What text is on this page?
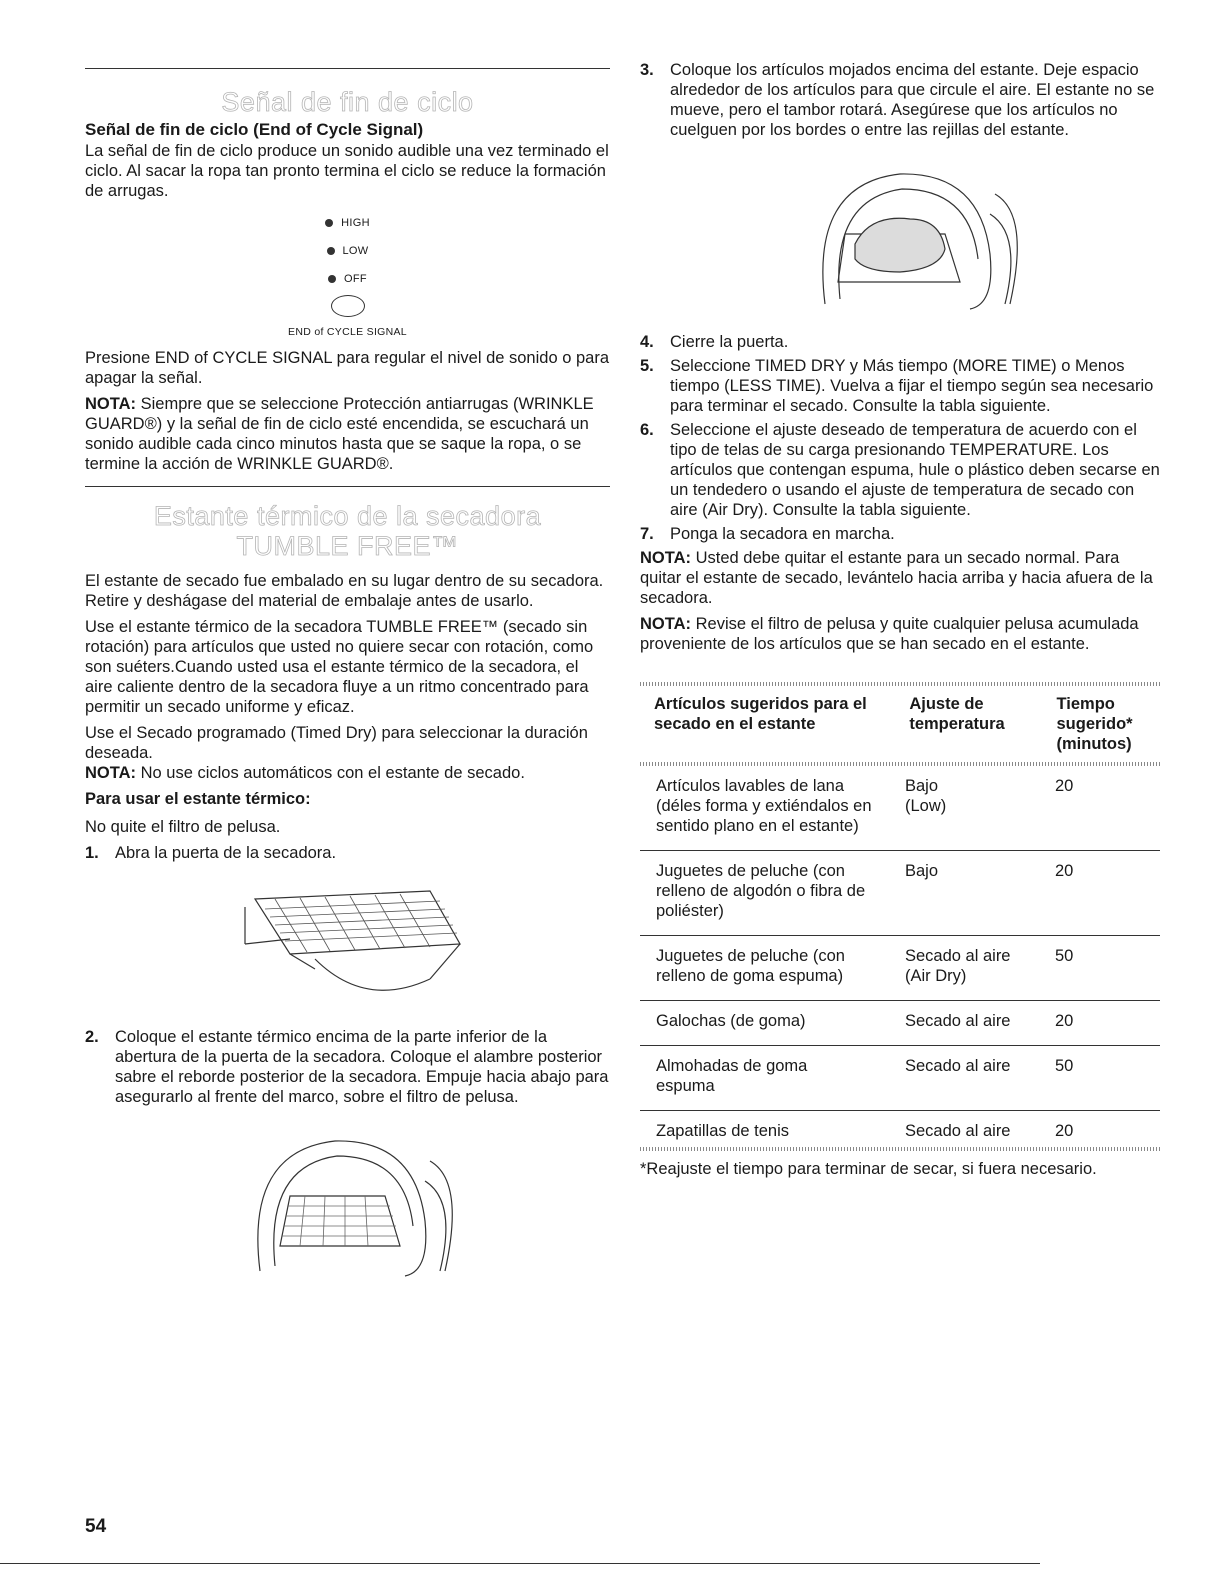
Señal de fin de ciclo
Señal de fin de ciclo (End of Cycle Signal)

La señal de fin de ciclo produce un sonido audible una vez terminado el ciclo. Al sacar la ropa tan pronto termina el ciclo se reduce la formación de arrugas.

HIGH
LOW
OFF
END of CYCLE SIGNAL

Presione END of CYCLE SIGNAL para regular el nivel de sonido o para apagar la señal.

NOTA: Siempre que se seleccione Protección antiarrugas (WRINKLE GUARD®) y la señal de fin de ciclo esté encendida, se escuchará un sonido audible cada cinco minutos hasta que se saque la ropa, o se termine la acción de WRINKLE GUARD®.

Estante térmico de la secadora
TUMBLE FREE™

El estante de secado fue embalado en su lugar dentro de su secadora. Retire y deshágase del material de embalaje antes de usarlo.

Use el estante térmico de la secadora TUMBLE FREE™ (secado sin rotación) para artículos que usted no quiere secar con rotación, como son suéters.Cuando usted usa el estante térmico de la secadora, el aire caliente dentro de la secadora fluye a un ritmo concentrado para permitir un secado uniforme y eficaz.

Use el Secado programado (Timed Dry) para seleccionar la duración deseada.

NOTA: No use ciclos automáticos con el estante de secado.

Para usar el estante térmico:

No quite el filtro de pelusa.

1. Abra la puerta de la secadora.
2. Coloque el estante térmico encima de la parte inferior de la abertura de la puerta de la secadora. Coloque el alambre posterior sabre el reborde posterior de la secadora. Empuje hacia abajo para asegurarlo al frente del marco, sobre el filtro de pelusa.
3. Coloque los artículos mojados encima del estante. Deje espacio alrededor de los artículos para que circule el aire. El estante no se mueve, pero el tambor rotará. Asegúrese que los artículos no cuelguen por los bordes o entre las rejillas del estante.
4. Cierre la puerta.
5. Seleccione TIMED DRY y Más tiempo (MORE TIME) o Menos tiempo (LESS TIME). Vuelva a fijar el tiempo según sea necesario para terminar el secado. Consulte la tabla siguiente.
6. Seleccione el ajuste deseado de temperatura de acuerdo con el tipo de telas de su carga presionando TEMPERATURE. Los artículos que contengan espuma, hule o plástico deben secarse en un tendedero o usando el ajuste de temperatura de secado con aire (Air Dry). Consulte la tabla siguiente.
7. Ponga la secadora en marcha.

NOTA: Usted debe quitar el estante para un secado normal. Para quitar el estante de secado, levántelo hacia arriba y hacia afuera de la secadora.

NOTA: Revise el filtro de pelusa y quite cualquier pelusa acumulada proveniente de los artículos que se han secado en el estante.

Artículos sugeridos para el secado en el estante	Ajuste de temperatura	Tiempo sugerido* (minutos)
Artículos lavables de lana (déles forma y extiéndalos en sentido plano en el estante)	Bajo (Low)	20

Juguetes de peluche (con relleno de algodón o fibra de poliéster)	Bajo	20

Juguetes de peluche (con relleno de goma espuma)	Secado al aire (Air Dry)	50

Galochas (de goma)	Secado al aire	20

Almohadas de goma espuma	Secado al aire	50

Zapatillas de tenis	Secado al aire	20

*Reajuste el tiempo para terminar de secar, si fuera necesario.

54
